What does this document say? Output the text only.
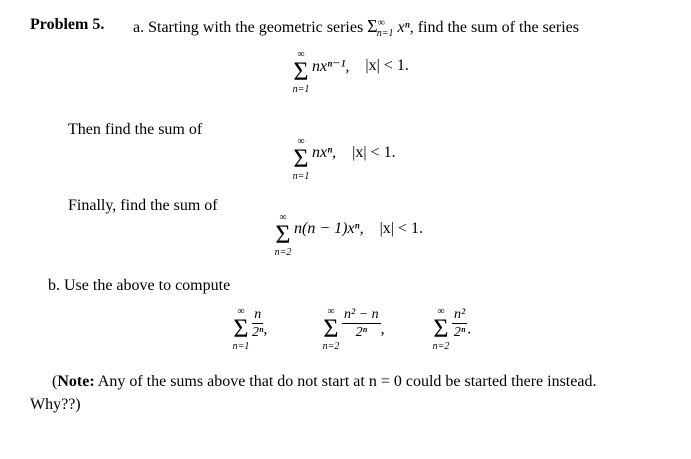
Problem 5. a. Starting with the geometric series $\Sigma^\infty_{n=1}$ xⁿ, find the sum of the series
∞
Σ
n=1
nxⁿ⁻¹, |x| < 1.
Then find the sum of
∞
Σ
n=1
nxⁿ, |x| < 1.
Finally, find the sum of
∞
Σ
n=2
n(n − 1)xⁿ, |x| < 1.
b. Use the above to compute
∞
Σ
n=1
$\frac{n}{\text{2ⁿ}}$ ,
∞
Σ
n=2
$\frac{\text{n² − n}}{\text{2ⁿ}}$ ,
∞
Σ
n=2
$\frac{\text{n²}}{\text{2ⁿ}}$ .
(Note: Any of the sums above that do not start at n = 0 could be started there instead.
Why??)
